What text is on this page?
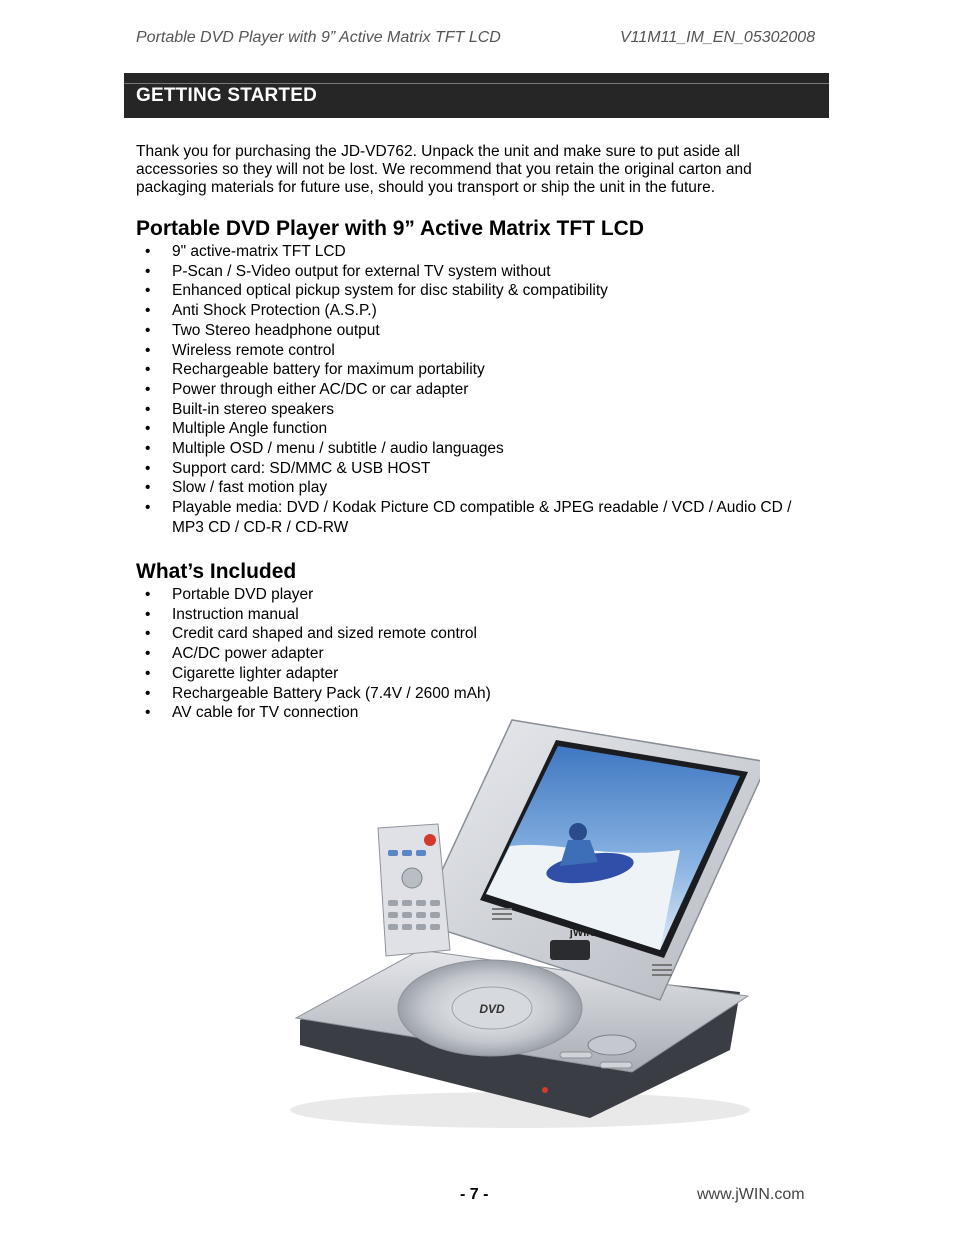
Portable DVD Player with 9” Active Matrix TFT LCD	V11M11_IM_EN_05302008
GETTING STARTED

Thank you for purchasing the JD-VD762. Unpack the unit and make sure to put aside all accessories so they will not be lost. We recommend that you retain the original carton and packaging materials for future use, should you transport or ship the unit in the future.

Portable DVD Player with 9” Active Matrix TFT LCD
• 9" active-matrix TFT LCD
• P-Scan / S-Video output for external TV system without
• Enhanced optical pickup system for disc stability & compatibility
• Anti Shock Protection (A.S.P.)
• Two Stereo headphone output
• Wireless remote control
• Rechargeable battery for maximum portability
• Power through either AC/DC or car adapter
• Built-in stereo speakers
• Multiple Angle function
• Multiple OSD / menu / subtitle / audio languages
• Support card: SD/MMC & USB HOST
• Slow / fast motion play
• Playable media: DVD / Kodak Picture CD compatible & JPEG readable / VCD / Audio CD / MP3 CD / CD-R / CD-RW
What’s Included
• Portable DVD player
• Instruction manual
• Credit card shaped and sized remote control
• AC/DC power adapter
• Cigarette lighter adapter
• Rechargeable Battery Pack (7.4V / 2600 mAh)
• AV cable for TV connection
DVD
jWIN
- 7 -	www.jWIN.com
